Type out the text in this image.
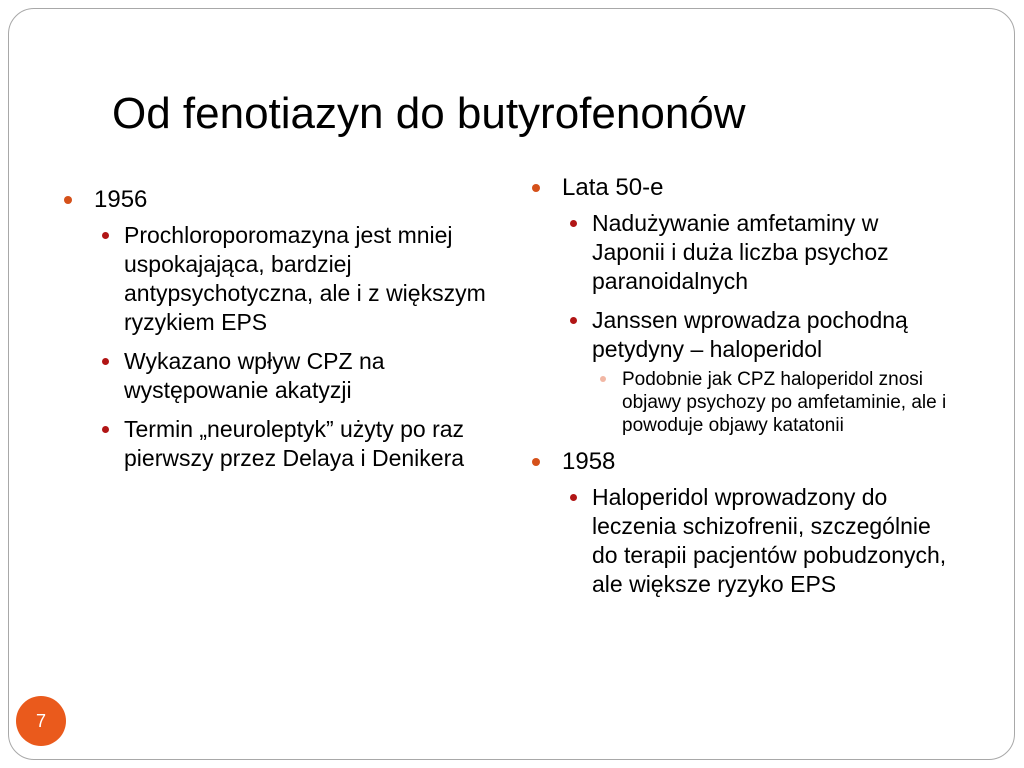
Od fenotiazyn do butyrofenonów
1956
Prochloroporomazyna jest mniej uspokajająca, bardziej antypsychotyczna, ale i z większym ryzykiem EPS
Wykazano wpływ CPZ na występowanie akatyzji
Termin „neuroleptyk” użyty po raz pierwszy przez Delaya i Denikera
Lata 50-e
Nadużywanie amfetaminy w Japonii i duża liczba psychoz paranoidalnych
Janssen wprowadza pochodną petydyny – haloperidol
Podobnie jak CPZ haloperidol znosi objawy psychozy po amfetaminie, ale i powoduje objawy katatonii
1958
Haloperidol wprowadzony do leczenia schizofrenii, szczególnie do terapii pacjentów pobudzonych, ale większe ryzyko EPS
7
